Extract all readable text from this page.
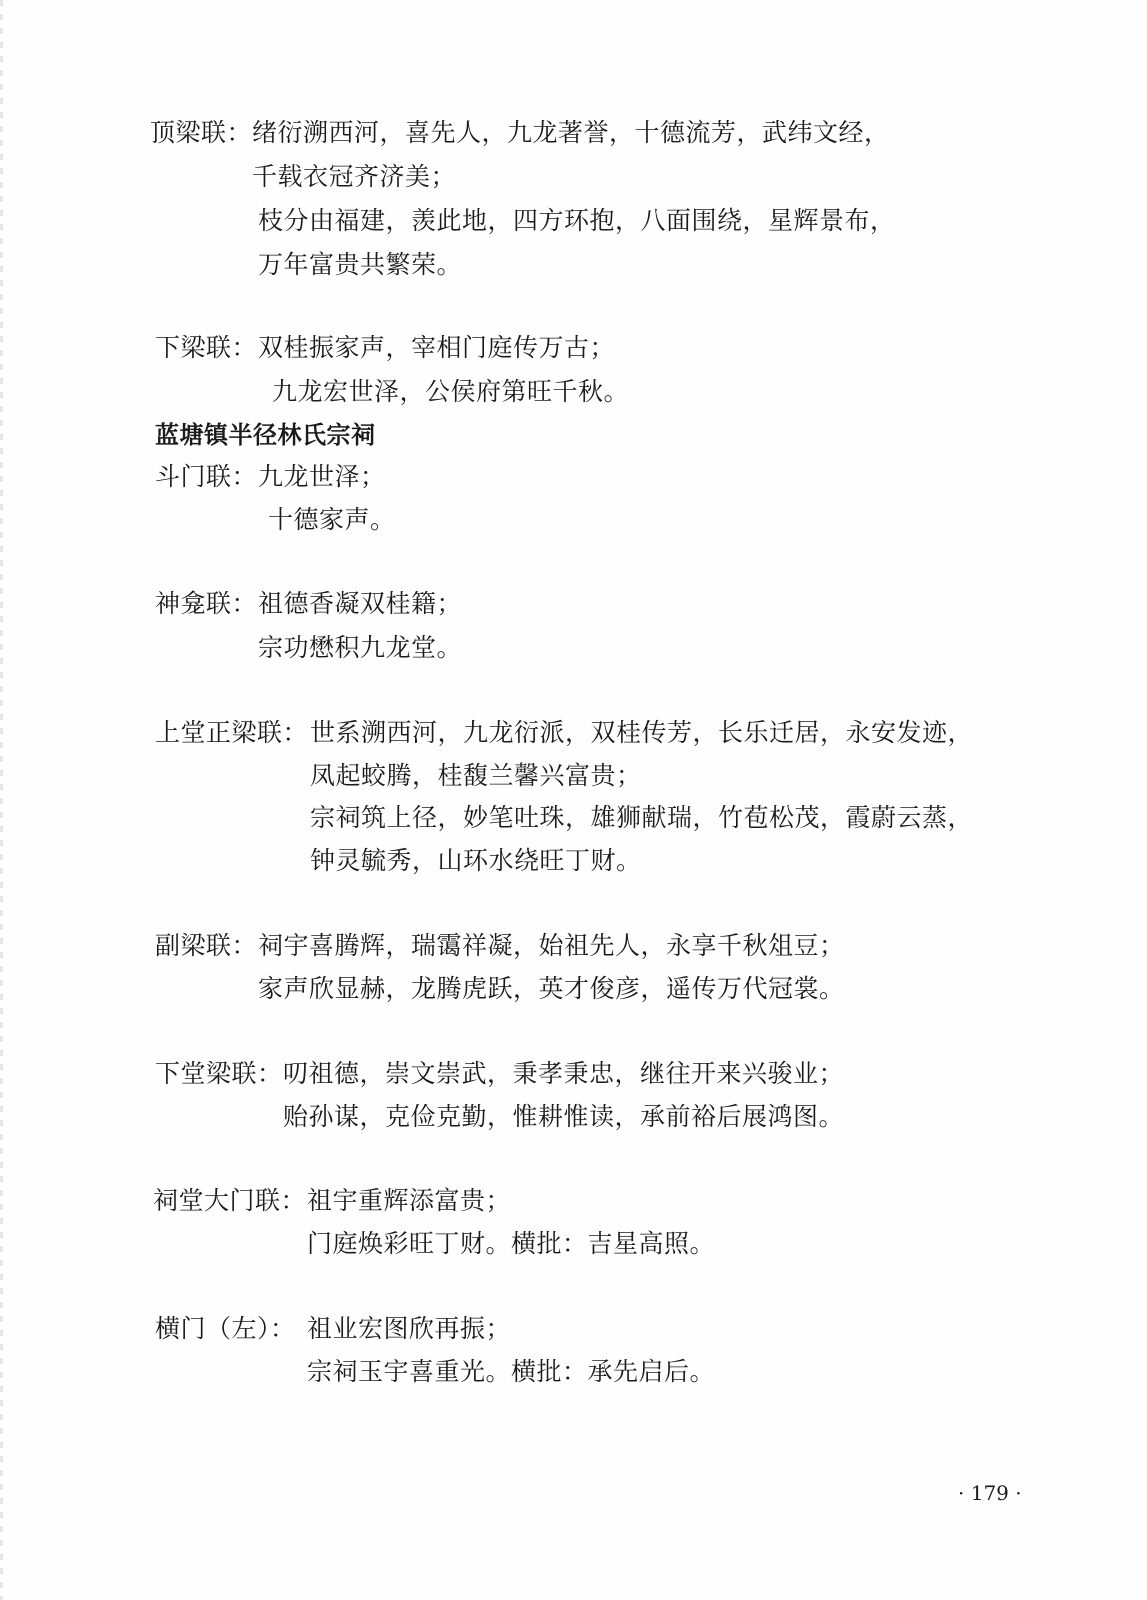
顶梁联： 绪衍溯西河，喜先人，九龙著誉，十德流芳，武纬文经，
千载衣冠齐济美；
枝分由福建，羡此地，四方环抱，八面围绕，星辉景布，
万年富贵共繁荣。
下梁联： 双桂振家声，宰相门庭传万古；
九龙宏世泽，公侯府第旺千秋。
蓝塘镇半径林氏宗祠
斗门联： 九龙世泽；
十德家声。
神龛联： 祖德香凝双桂籍；
宗功懋积九龙堂。
上堂正梁联： 世系溯西河，九龙衍派，双桂传芳，长乐迁居，永安发迹，
凤起蛟腾，桂馥兰馨兴富贵；
宗祠筑上径，妙笔吐珠，雄狮献瑞，竹苞松茂，霞蔚云蒸，
钟灵毓秀，山环水绕旺丁财。
副梁联： 祠宇喜腾辉，瑞霭祥凝，始祖先人，永享千秋俎豆；
家声欣显赫，龙腾虎跃，英才俊彦，遥传万代冠裳。
下堂梁联： 叨祖德，崇文崇武，秉孝秉忠，继往开来兴骏业；
贻孙谋，克俭克勤，惟耕惟读，承前裕后展鸿图。
祠堂大门联： 祖宇重辉添富贵；
门庭焕彩旺丁财。横批：吉星高照。
横门（左）： 祖业宏图欣再振；
宗祠玉宇喜重光。横批：承先启后。
· 179 ·
